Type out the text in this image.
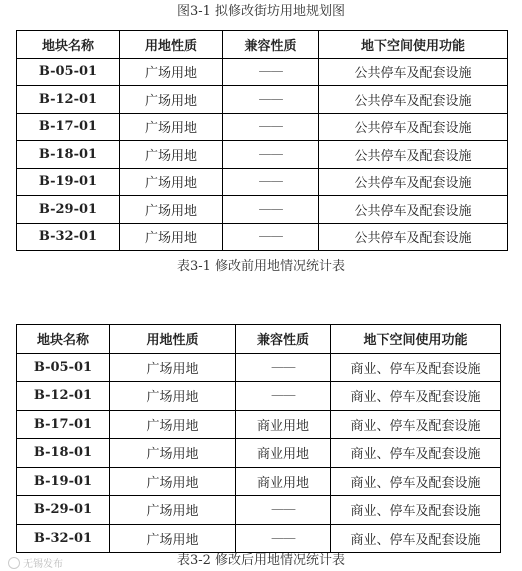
图3-1 拟修改街坊用地规划图
地块名称	用地性质	兼容性质	地下空间使用功能
B-05-01	广场用地	——	公共停车及配套设施
B-12-01	广场用地	——	公共停车及配套设施
B-17-01	广场用地	——	公共停车及配套设施
B-18-01	广场用地	——	公共停车及配套设施
B-19-01	广场用地	——	公共停车及配套设施
B-29-01	广场用地	——	公共停车及配套设施
B-32-01	广场用地	——	公共停车及配套设施
表3-1 修改前用地情况统计表
地块名称	用地性质	兼容性质	地下空间使用功能
B-05-01	广场用地	——	商业、停车及配套设施
B-12-01	广场用地	——	商业、停车及配套设施
B-17-01	广场用地	商业用地	商业、停车及配套设施
B-18-01	广场用地	商业用地	商业、停车及配套设施
B-19-01	广场用地	商业用地	商业、停车及配套设施
B-29-01	广场用地	——	商业、停车及配套设施
B-32-01	广场用地	——	商业、停车及配套设施
表3-2 修改后用地情况统计表
无锡发布
